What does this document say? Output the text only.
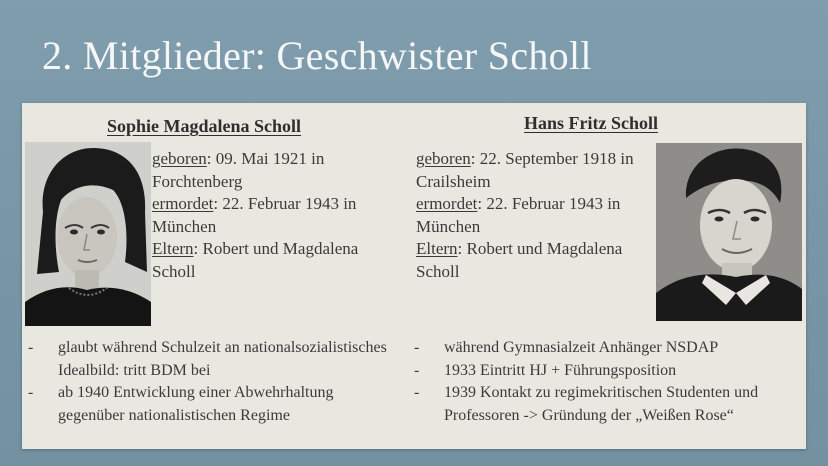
2. Mitglieder: Geschwister Scholl
Sophie Magdalena Scholl
geboren: 09. Mai 1921 in
Forchtenberg
ermordet: 22. Februar 1943 in
München
Eltern: Robert und Magdalena
Scholl
- glaubt während Schulzeit an nationalsozialistisches Idealbild: tritt BDM bei
- ab 1940 Entwicklung einer Abwehrhaltung gegenüber nationalistischen Regime
Hans Fritz Scholl
geboren: 22. September 1918 in
Crailsheim
ermordet: 22. Februar 1943 in
München
Eltern: Robert und Magdalena
Scholl
- während Gymnasialzeit Anhänger NSDAP
- 1933 Eintritt HJ + Führungsposition
- 1939 Kontakt zu regimekritischen Studenten und Professoren -> Gründung der „Weißen Rose“
